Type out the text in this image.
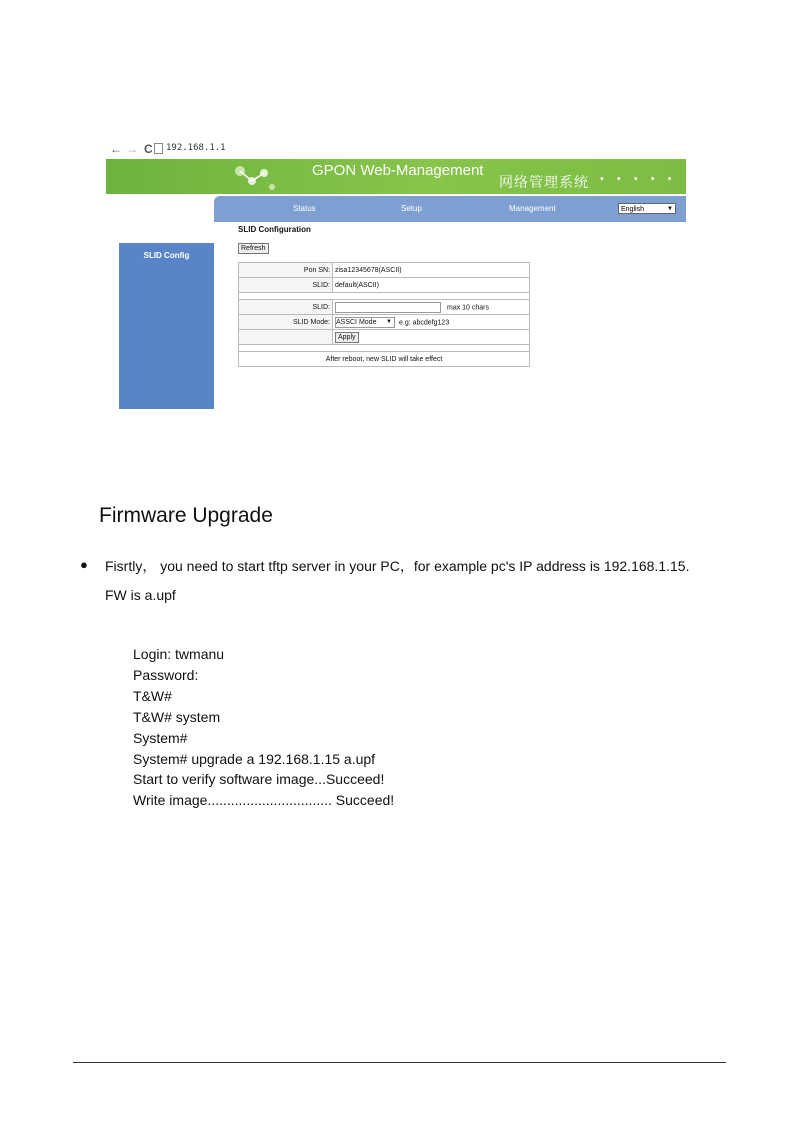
← → C 192.168.1.1
GPON Web-Management
网络管理系统 • • • • •
Status	Setup	Management	English	▼
SLID Config
SLID Configuration
Refresh
Pon SN:	zisa12345678(ASCII)
SLID:	default(ASCII)

SLID:	max 10 chars
SLID Mode:	ASSCI Mode ▼ e.g: abcdefg123
	Apply

After reboot, new SLID will take effect	
Firmware Upgrade
● Fisrtly， you need to start tftp server in your PC，for example pc's IP address is 192.168.1.15.
FW is a.upf
Login: twmanu
Password:
T&W#
T&W# system
System#
System# upgrade a 192.168.1.15 a.upf
Start to verify software image...Succeed!
Write image................................ Succeed!
